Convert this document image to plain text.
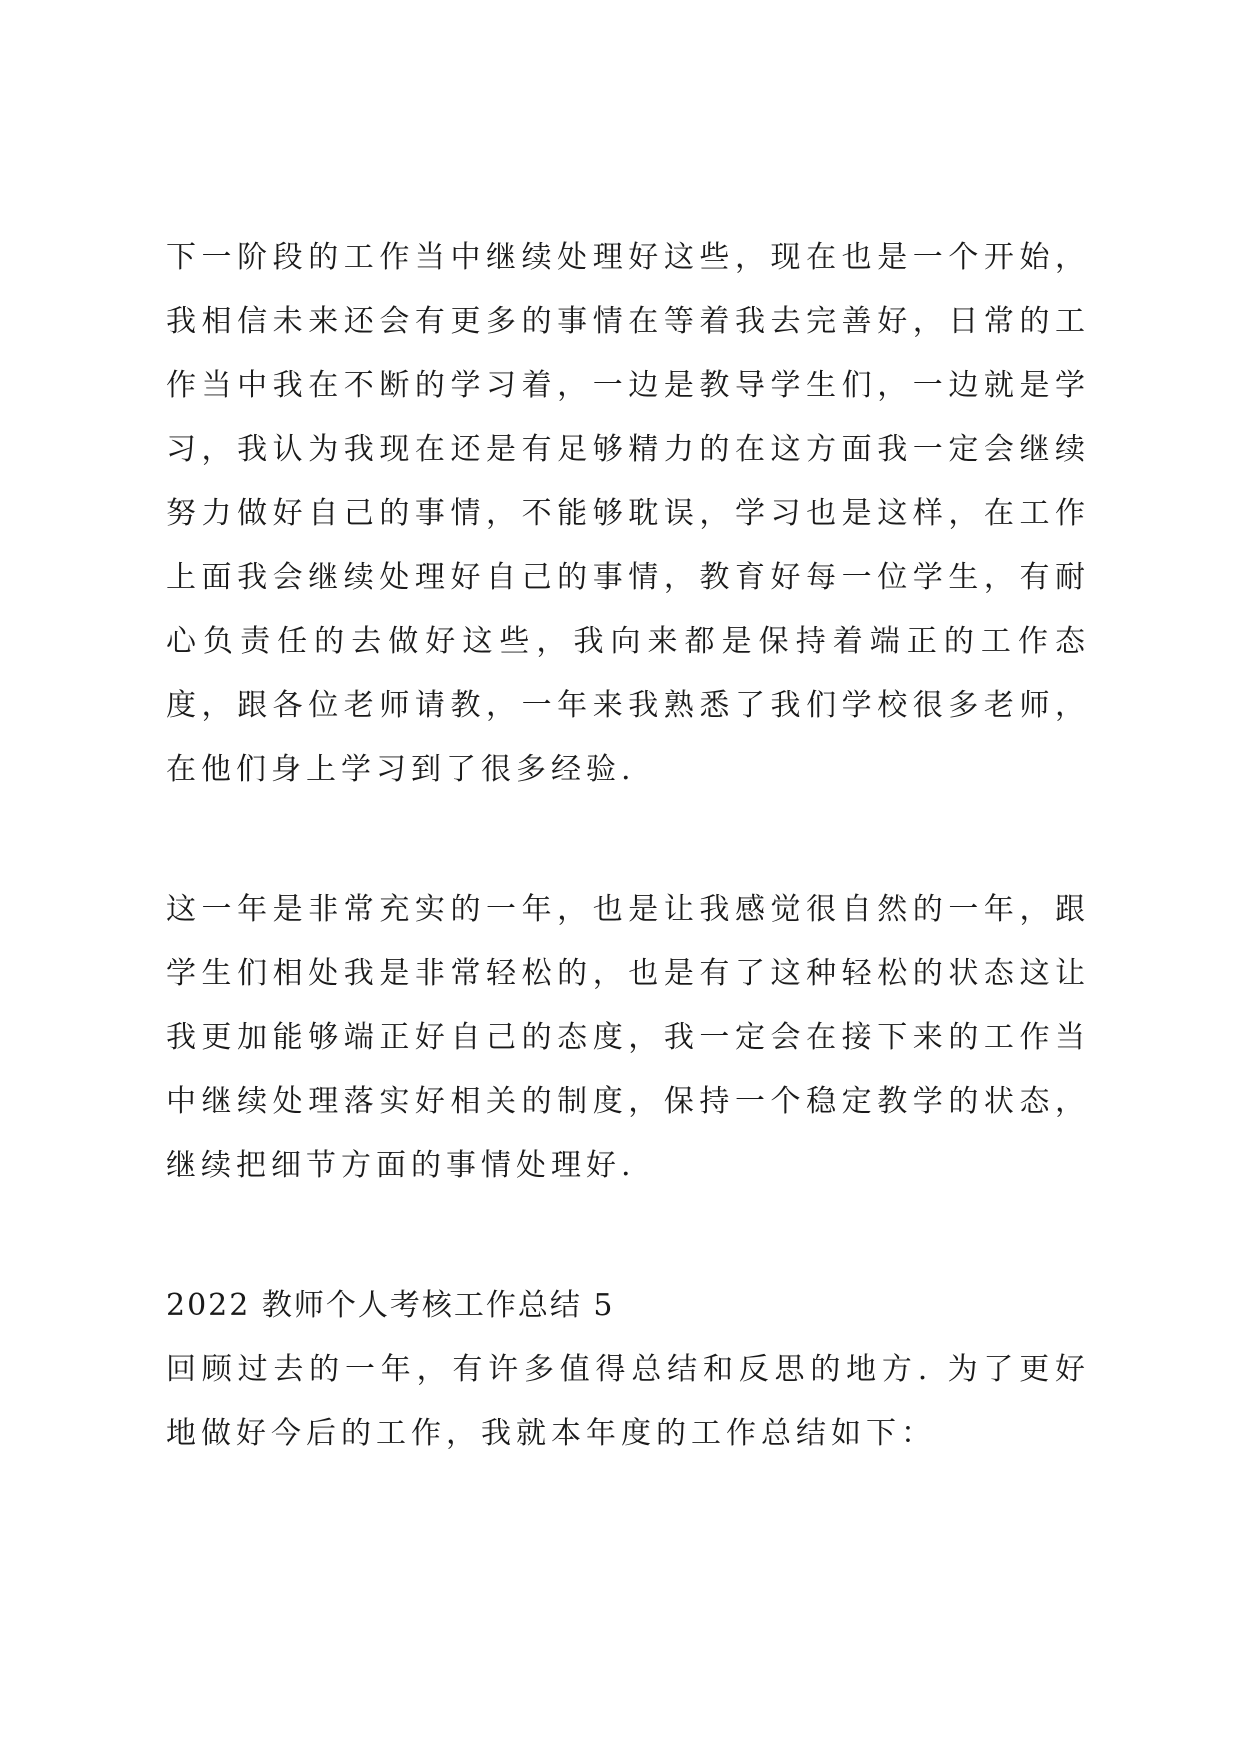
下一阶段的工作当中继续处理好这些，现在也是一个开始，我相信未来还会有更多的事情在等着我去完善好，日常的工作当中我在不断的学习着，一边是教导学生们，一边就是学习，我认为我现在还是有足够精力的在这方面我一定会继续努力做好自己的事情，不能够耽误，学习也是这样，在工作上面我会继续处理好自己的事情，教育好每一位学生，有耐心负责任的去做好这些，我向来都是保持着端正的工作态度，跟各位老师请教，一年来我熟悉了我们学校很多老师，在他们身上学习到了很多经验.

这一年是非常充实的一年，也是让我感觉很自然的一年，跟学生们相处我是非常轻松的，也是有了这种轻松的状态这让我更加能够端正好自己的态度，我一定会在接下来的工作当中继续处理落实好相关的制度，保持一个稳定教学的状态，继续把细节方面的事情处理好.

2022 教师个人考核工作总结 5

回顾过去的一年，有许多值得总结和反思的地方. 为了更好地做好今后的工作，我就本年度的工作总结如下：
